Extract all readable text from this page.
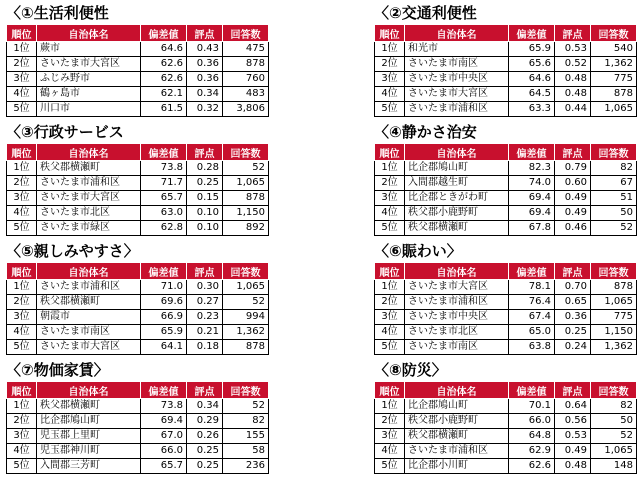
〈①生活利便性
順位	自治体名	偏差値	評点	回答数
1位	蕨市	64.6	0.43	475
2位	さいたま市大宮区	62.6	0.36	878
3位	ふじみ野市	62.6	0.36	760
4位	鶴ヶ島市	62.1	0.34	483
5位	川口市	61.5	0.32	3,806
〈②交通利便性
順位	自治体名	偏差値	評点	回答数
1位	和光市	65.9	0.53	540
2位	さいたま市南区	65.6	0.52	1,362
3位	さいたま市中央区	64.6	0.48	775
4位	さいたま市大宮区	64.5	0.48	878
5位	さいたま市浦和区	63.3	0.44	1,065
〈③行政サービス
順位	自治体名	偏差値	評点	回答数
1位	秩父郡横瀬町	73.8	0.28	52
2位	さいたま市浦和区	71.7	0.25	1,065
3位	さいたま市大宮区	65.7	0.15	878
4位	さいたま市北区	63.0	0.10	1,150
5位	さいたま市緑区	62.8	0.10	892
〈④静かさ治安
順位	自治体名	偏差値	評点	回答数
1位	比企郡鳩山町	82.3	0.79	82
2位	入間郡越生町	74.0	0.60	67
3位	比企郡ときがわ町	69.4	0.49	51
4位	秩父郡小鹿野町	69.4	0.49	50
5位	秩父郡横瀬町	67.8	0.46	52
〈⑤親しみやすさ〉
順位	自治体名	偏差値	評点	回答数
1位	さいたま市浦和区	71.0	0.30	1,065
2位	秩父郡横瀬町	69.6	0.27	52
3位	朝霞市	66.9	0.23	994
4位	さいたま市南区	65.9	0.21	1,362
5位	さいたま市大宮区	64.1	0.18	878
〈⑥賑わい〉
順位	自治体名	偏差値	評点	回答数
1位	さいたま市大宮区	78.1	0.70	878
2位	さいたま市浦和区	76.4	0.65	1,065
3位	さいたま市中央区	67.4	0.36	775
4位	さいたま市北区	65.0	0.25	1,150
5位	さいたま市南区	63.8	0.24	1,362
〈⑦物価家賃〉
順位	自治体名	偏差値	評点	回答数
1位	秩父郡横瀬町	73.8	0.34	52
2位	比企郡鳩山町	69.4	0.29	82
3位	児玉郡上里町	67.0	0.26	155
4位	児玉郡神川町	66.0	0.25	58
5位	入間郡三芳町	65.7	0.25	236
〈⑧防災〉
順位	自治体名	偏差値	評点	回答数
1位	比企郡鳩山町	70.1	0.64	82
2位	秩父郡小鹿野町	66.0	0.56	50
3位	秩父郡横瀬町	64.8	0.53	52
4位	さいたま市浦和区	62.9	0.49	1,065
5位	比企郡小川町	62.6	0.48	148
